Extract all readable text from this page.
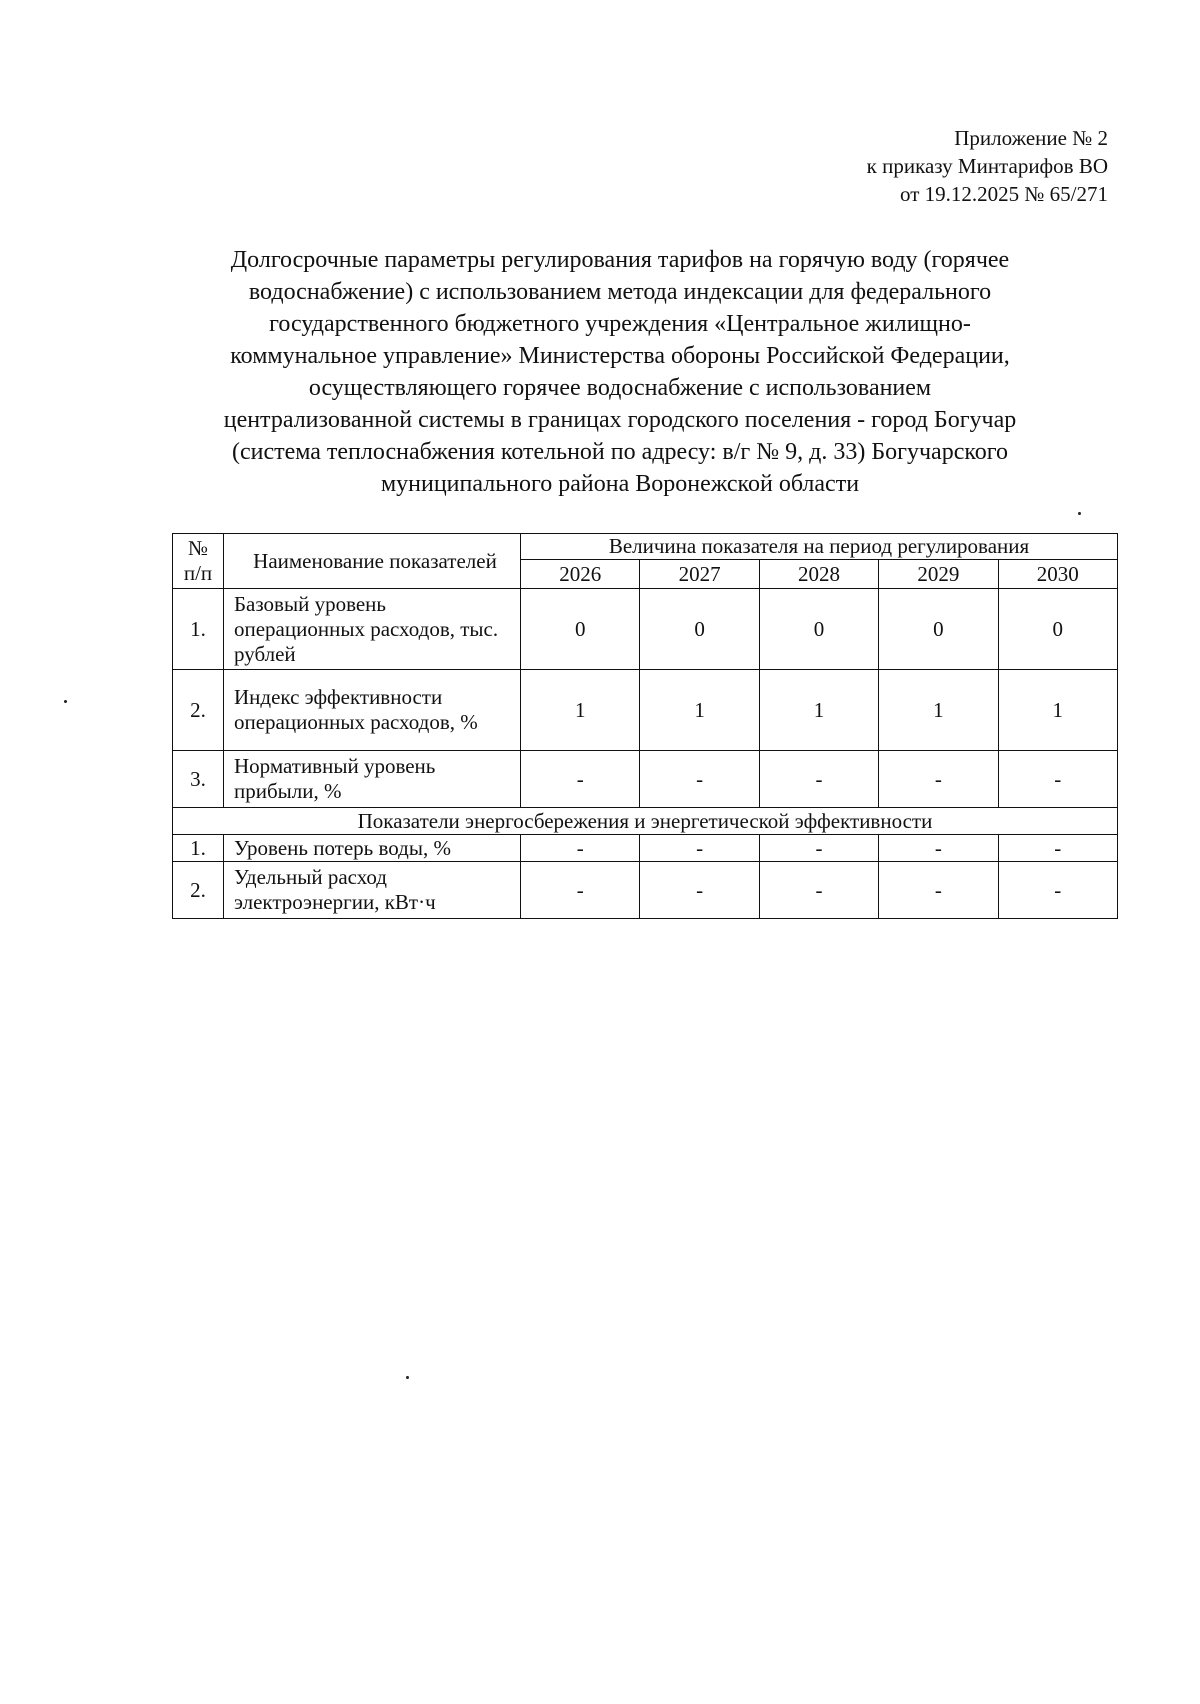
Приложение № 2
к приказу Минтарифов ВО
от 19.12.2025 № 65/271
Долгосрочные параметры регулирования тарифов на горячую воду (горячее
водоснабжение) с использованием метода индексации для федерального
государственного бюджетного учреждения «Центральное жилищно-
коммунальное управление» Министерства обороны Российской Федерации,
осуществляющего горячее водоснабжение с использованием
централизованной системы в границах городского поселения - город Богучар
(система теплоснабжения котельной по адресу: в/г № 9, д. 33) Богучарского
муниципального района Воронежской области
№ п/п	Наименование показателей	Величина показателя на период регулирования				
		2026	2027	2028	2029	2030
1.	Базовый уровень операционных расходов, тыс. рублей	0	0	0	0	0
2.	Индекс эффективности операционных расходов, %	1	1	1	1	1
3.	Нормативный уровень прибыли, %	-	-	-	-	-
Показатели энергосбережения и энергетической эффективности						
1.	Уровень потерь воды, %	-	-	-	-	-
2.	Удельный расход электроэнергии, кВт·ч	-	-	-	-	-
